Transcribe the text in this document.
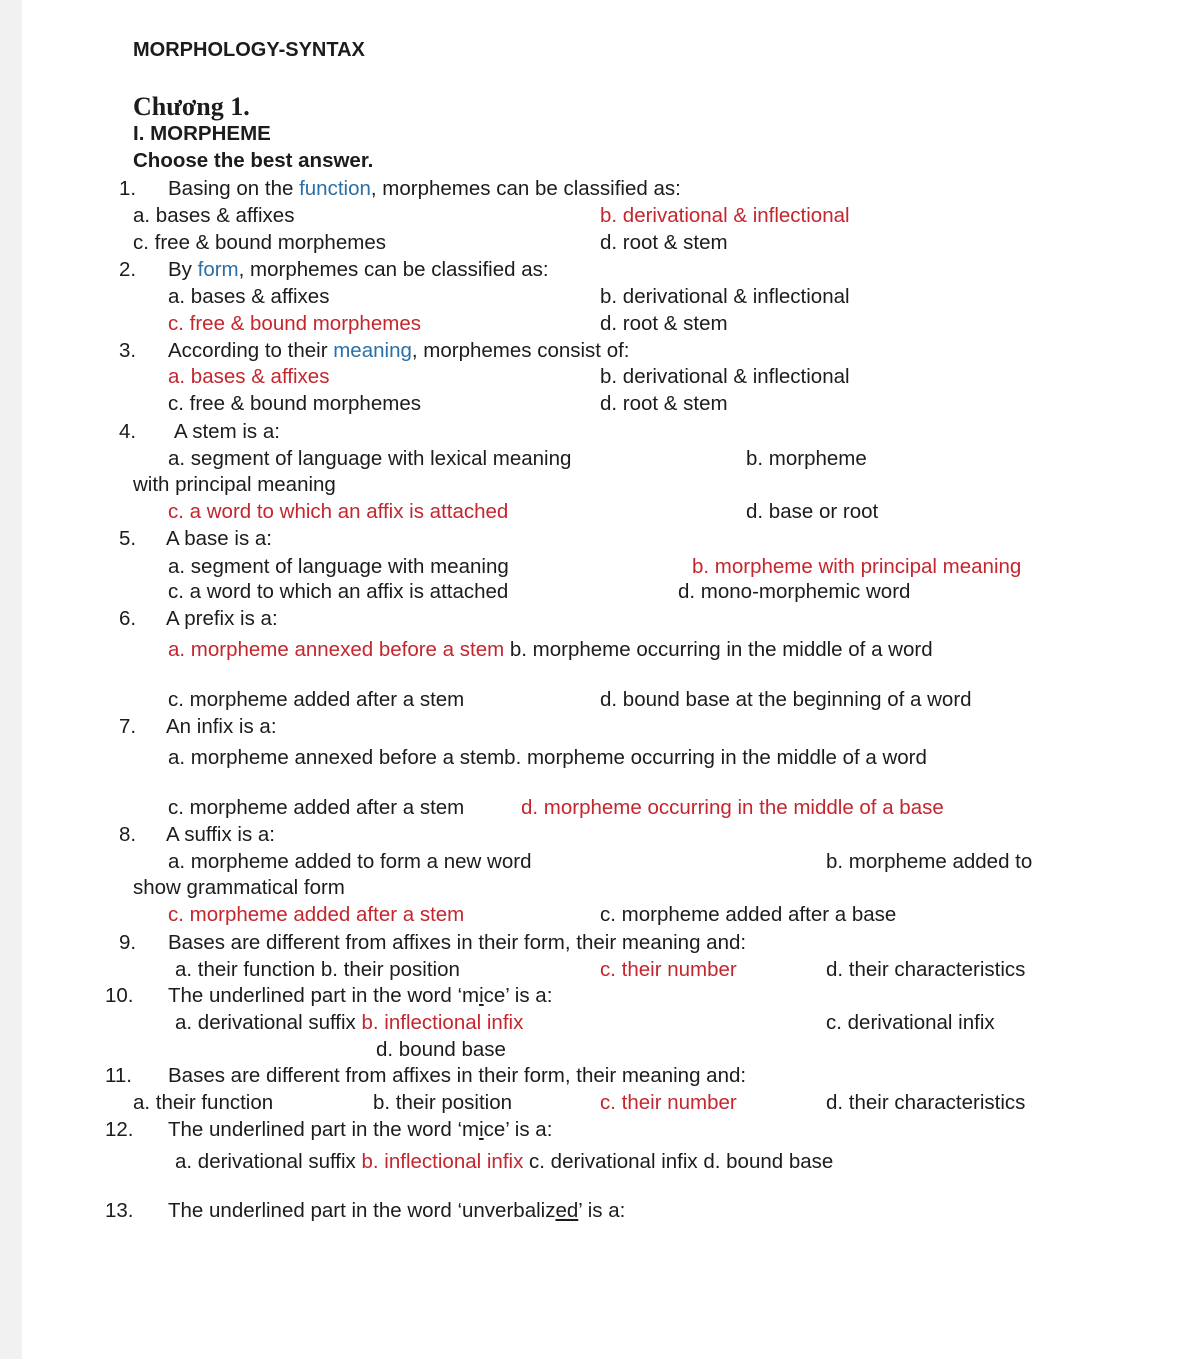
MORPHOLOGY-SYNTAX
Chương 1.
I. MORPHEME
Choose the best answer.
1. Basing on the function, morphemes can be classified as:
a. bases & affixes	b. derivational & inflectional
c. free & bound morphemes	d. root & stem
2. By form, morphemes can be classified as:
a. bases & affixes	b. derivational & inflectional
c. free & bound morphemes	d. root & stem
3. According to their meaning, morphemes consist of:
a. bases & affixes	b. derivational & inflectional
c. free & bound morphemes	d. root & stem
4. A stem is a:
a. segment of language with lexical meaning	b. morpheme
with principal meaning
c. a word to which an affix is attached	d. base or root
5. A base is a:
a. segment of language with meaning	b. morpheme with principal meaning
c. a word to which an affix is attached	d. mono-morphemic word
6. A prefix is a:
a. morpheme annexed before a stem b. morpheme occurring in the middle of a word
c. morpheme added after a stem	d. bound base at the beginning of a word
7. An infix is a:
a. morpheme annexed before a stemb. morpheme occurring in the middle of a word
c. morpheme added after a stem	d. morpheme occurring in the middle of a base
8. A suffix is a:
a. morpheme added to form a new word	b. morpheme added to
show grammatical form
c. morpheme added after a stem	c. morpheme added after a base
9. Bases are different from affixes in their form, their meaning and:
a. their function b. their position	c. their number	d. their characteristics
10. The underlined part in the word ‘mice’ is a:
a. derivational suffix b. inflectional infix	c. derivational infix
d. bound base
11. Bases are different from affixes in their form, their meaning and:
a. their function	b. their position	c. their number	d. their characteristics
12. The underlined part in the word ‘mice’ is a:
a. derivational suffix b. inflectional infix c. derivational infix d. bound base
13. The underlined part in the word ‘unverbalized’ is a:
